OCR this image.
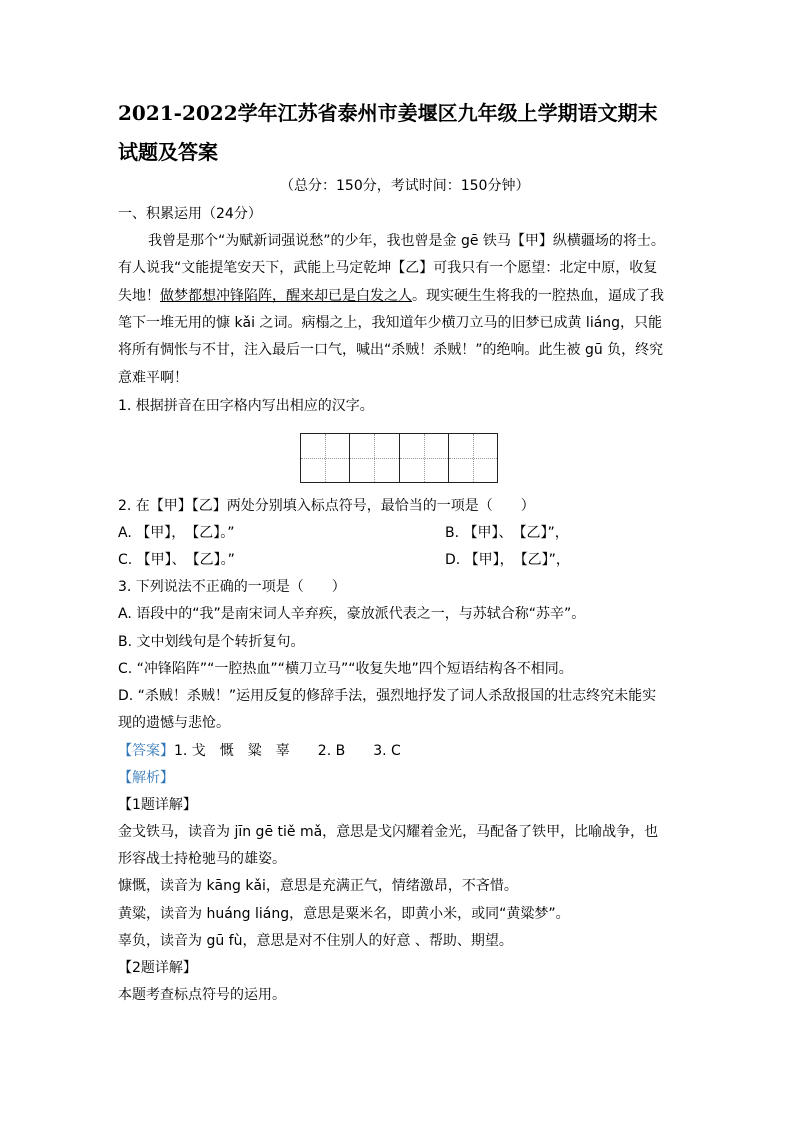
2021-2022学年江苏省泰州市姜堰区九年级上学期语文期末
试题及答案
（总分：150分，考试时间：150分钟）
一、积累运用（24分）
我曾是那个“为赋新词强说愁”的少年，我也曾是金 gē 铁马【甲】纵横疆场的将士。
有人说我“文能提笔安天下，武能上马定乾坤【乙】可我只有一个愿望：北定中原，收复
失地！做梦都想冲锋陷阵，醒来却已是白发之人。现实硬生生将我的一腔热血，逼成了我
笔下一堆无用的慷 kǎi 之词。病榻之上，我知道年少横刀立马的旧梦已成黄 liáng，只能
将所有惆怅与不甘，注入最后一口气，喊出“杀贼！杀贼！”的绝响。此生被 gū 负，终究
意难平啊！
1. 根据拼音在田字格内写出相应的汉字。
2. 在【甲】【乙】两处分别填入标点符号，最恰当的一项是（　　）
A. 【甲】，　【乙】。”	B. 【甲】、　【乙】”，
C. 【甲】、　【乙】。”	D. 【甲】，　【乙】”，
3. 下列说法不正确的一项是（　　）
A. 语段中的“我”是南宋词人辛弃疾，豪放派代表之一，与苏轼合称“苏辛”。
B. 文中划线句是个转折复句。
C. “冲锋陷阵”“一腔热血”“横刀立马”“收复失地”四个短语结构各不相同。
D. “杀贼！杀贼！”运用反复的修辞手法，强烈地抒发了词人杀敌报国的壮志终究未能实
现的遗憾与悲怆。
【答案】1. 戈　慨　粱　辜　　2. B　　3. C
【解析】
【1题详解】
金戈铁马，读音为 jīn gē tiě mǎ，意思是戈闪耀着金光，马配备了铁甲，比喻战争，也
形容战士持枪驰马的雄姿。
慷慨，读音为 kāng kǎi，意思是充满正气，情绪激昂，不吝惜。
黄粱，读音为 huáng liáng，意思是粟米名，即黄小米，或同“黄粱梦”。
辜负，读音为 gū fù，意思是对不住别人的好意 、帮助、期望。
【2题详解】
本题考查标点符号的运用。
